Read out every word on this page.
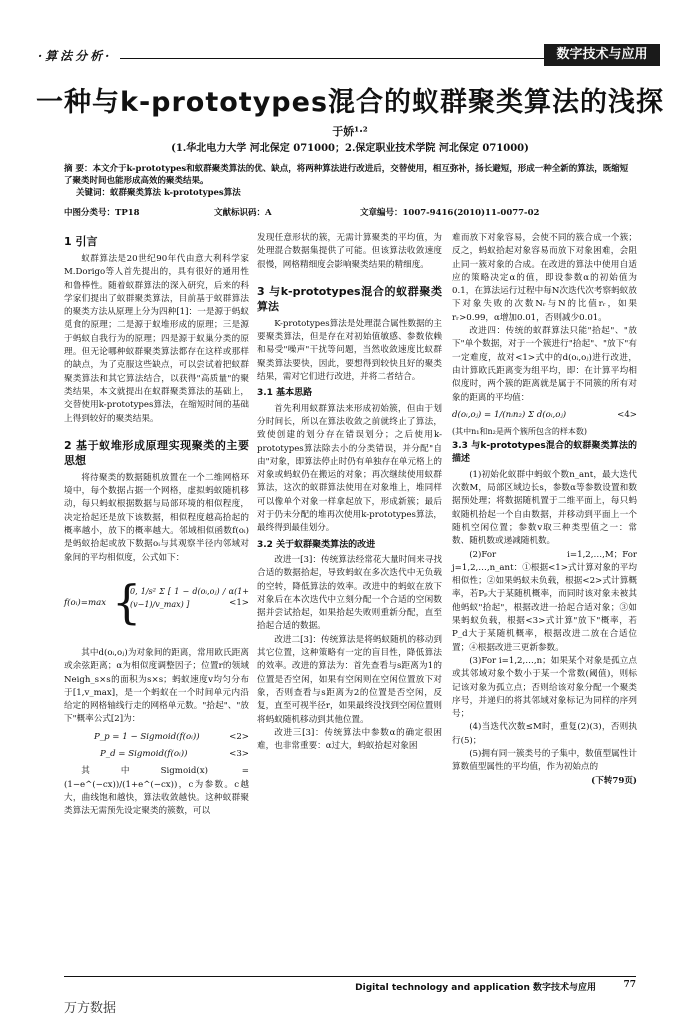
·算法分析·	数字技术与应用
一种与k-prototypes混合的蚁群聚类算法的浅探
于娇¹·²
(1.华北电力大学 河北保定 071000；2.保定职业技术学院 河北保定 071000)
摘 要：本文介于k-prototypes和蚁群聚类算法的优、缺点，将两种算法进行改进后，交替使用，相互弥补，扬长避短，形成一种全新的算法，既缩短了聚类时间也能形成高效的聚类结果。
关键词：蚁群聚类算法 k-prototypes算法
中图分类号：TP18	文献标识码：A	文章编号：1007-9416(2010)11-0077-02
1 引言

蚁群算法是20世纪90年代由意大利科学家M.Dorigo等人首先提出的，具有很好的通用性和鲁棒性。随着蚁群算法的深入研究，后来的科学家们提出了蚁群聚类算法，目前基于蚁群算法的聚类方法从原理上分为四种[1]：一是源于蚂蚁觅食的原理；二是源于蚁堆形成的原理；三是源于蚂蚁自我行为的原理；四是源于蚁巢分类的原理。但无论哪种蚁群聚类算法都存在这样或那样的缺点，为了克服这些缺点，可以尝试着把蚁群聚类算法和其它算法结合，以获得"高质量"的聚类结果，本文就提出在蚁群聚类算法的基础上，交替使用k-prototypes算法，在缩短时间的基础上得到较好的聚类结果。

2 基于蚁堆形成原理实现聚类的主要思想

将待聚类的数据随机放置在一个二维网格环境中，每个数据占据一个网格，虚拟蚂蚁随机移动，每只蚂蚁根据数据与局部环境的相似程度，决定拾起还是放下该数据，相似程度越高拾起的概率越小，放下的概率越大。邻域相似函数f(oᵢ)是蚂蚁拾起或放下数据oᵢ与其观察半径内邻域对象间的平均相似度，公式如下：

f(oᵢ)=max {
0, 1/s² Σ [ 1 − d(oᵢ,oⱼ) / α(1+(v−1)/v_max) ]	<1>

其中d(oᵢ,oⱼ)为对象间的距离，常用欧氏距离或余弦距离；α为相似度调整因子；位置r的领域Neigh_s×s的面积为s×s；蚂蚁速度v均匀分布于[1,v_max]，是一个蚂蚁在一个时间单元内沿给定的网格轴线行走的网格单元数。"拾起"、"放下"概率公式[2]为：

P_p = 1 − Sigmoid(f(oᵢ))	<2>
P_d = Sigmoid(f(oᵢ))	<3>

其中Sigmoid(x) = (1−e^(−cx))/(1+e^(−cx))，c为参数。c越大，曲线饱和越快，算法收敛越快。这种蚁群聚类算法无需预先设定聚类的簇数，可以

发现任意形状的簇，无需计算聚类的平均值，为处理混合数据集提供了可能。但该算法收敛速度很慢，网格精细度会影响聚类结果的精细度。

3 与k-prototypes混合的蚁群聚类算法

K-prototypes算法是处理混合属性数据的主要聚类算法，但是存在对初始值敏感、参数依赖和易受"噪声"干扰等问题，当然收敛速度比蚁群聚类算法要快，因此，要想得到较快且好的聚类结果，需对它们进行改进，并将二者结合。

3.1 基本思路

首先利用蚁群算法来形成初始簇，但由于划分时间长，所以在算法收敛之前就终止了算法，致使创建的划分存在错误划分；之后使用k-prototypes算法除去小的分类错误，并分配"自由"对象，即算法停止时仍有单独存在单元格上的对象或蚂蚁仍在搬运的对象；再次继续使用蚁群算法，这次的蚁群算法使用在对象堆上，堆同样可以像单个对象一样拿起放下，形成新簇；最后对于仍未分配的堆再次使用k-prototypes算法，最终得到最佳划分。

3.2 关于蚁群聚类算法的改进

改进一[3]：传统算法经常花大量时间来寻找合适的数据拾起，导致蚂蚁在多次迭代中无负载的空转，降低算法的效率。改进中的蚂蚁在放下对象后在本次迭代中立刻分配一个合适的空闲数据并尝试拾起，如果拾起失败则重新分配，直至拾起合适的数据。

改进二[3]：传统算法是将蚂蚁随机的移动到其它位置，这种策略有一定的盲目性，降低算法的效率。改进的算法为：首先查看与s距离为1的位置是否空闲，如果有空闲则在空闲位置放下对象，否则查看与s距离为2的位置是否空闲，反复，直至可视半径r，如果最终没找到空闲位置则将蚂蚁随机移动到其他位置。

改进三[3]：传统算法中参数α的确定很困难，也非常重要：α过大，蚂蚁拾起对象困

难而放下对象容易，会使不同的簇合成一个簇；反之，蚂蚁拾起对象容易而放下对象困难，会阻止同一簇对象的合成。在改进的算法中使用自适应的策略决定α的值，即设参数α的初始值为0.1，在算法运行过程中每N次迭代次考察蚂蚁放下对象失败的次数Nᵣ与N的比值rᵣ，如果rᵣ>0.99，α增加0.01，否则减少0.01。

改进四：传统的蚁群算法只能"拾起"、"放下"单个数据，对于一个簇进行"拾起"、"放下"有一定难度，故对<1>式中的d(oᵢ,oⱼ)进行改进，由计算欧氏距离变为组平均，即：在计算平均相似度时，两个簇的距离就是属于不同簇的所有对象的距离的平均值：

d(oᵢ,oⱼ) = 1/(nᵢn₂) Σ d(oᵢ,oⱼ)	<4>
(其中n₁和n₂是两个簇所包含的样本数)
3.3 与k-prototypes混合的蚁群聚类算法的描述

(1)初始化蚁群中蚂蚁个数n_ant，最大迭代次数M，局部区域边长s，参数α等参数设置和数据预处理；将数据随机置于二维平面上，每只蚂蚁随机拾起一个自由数据，并移动到平面上一个随机空闲位置；参数v取三种类型值之一：常数、随机数或递减随机数。

(2)For i=1,2,…,M；For j=1,2,…,n_ant：①根据<1>式计算对象的平均相似性；②如果蚂蚁未负载，根据<2>式计算概率，若Pₚ大于某随机概率，而同时该对象未被其他蚂蚁"拾起"，根据改进一拾起合适对象；③如果蚂蚁负载，根据<3>式计算"放下"概率，若P_d大于某随机概率，根据改进二放在合适位置；④根据改进三更新参数。

(3)For i=1,2,…,n；如果某个对象是孤立点或其邻域对象个数小于某一个常数(阈值)，则标记该对象为孤立点；否则给该对象分配一个聚类序号，并递归的将其邻域对象标记为同样的序列号；

(4)当迭代次数≤M时，重复(2)(3)，否则执行(5)；

(5)拥有同一簇类号的子集中，数值型属性计算数值型属性的平均值，作为初始点的

(下转79页)
Digital technology and application 数字技术与应用	77
万方数据
